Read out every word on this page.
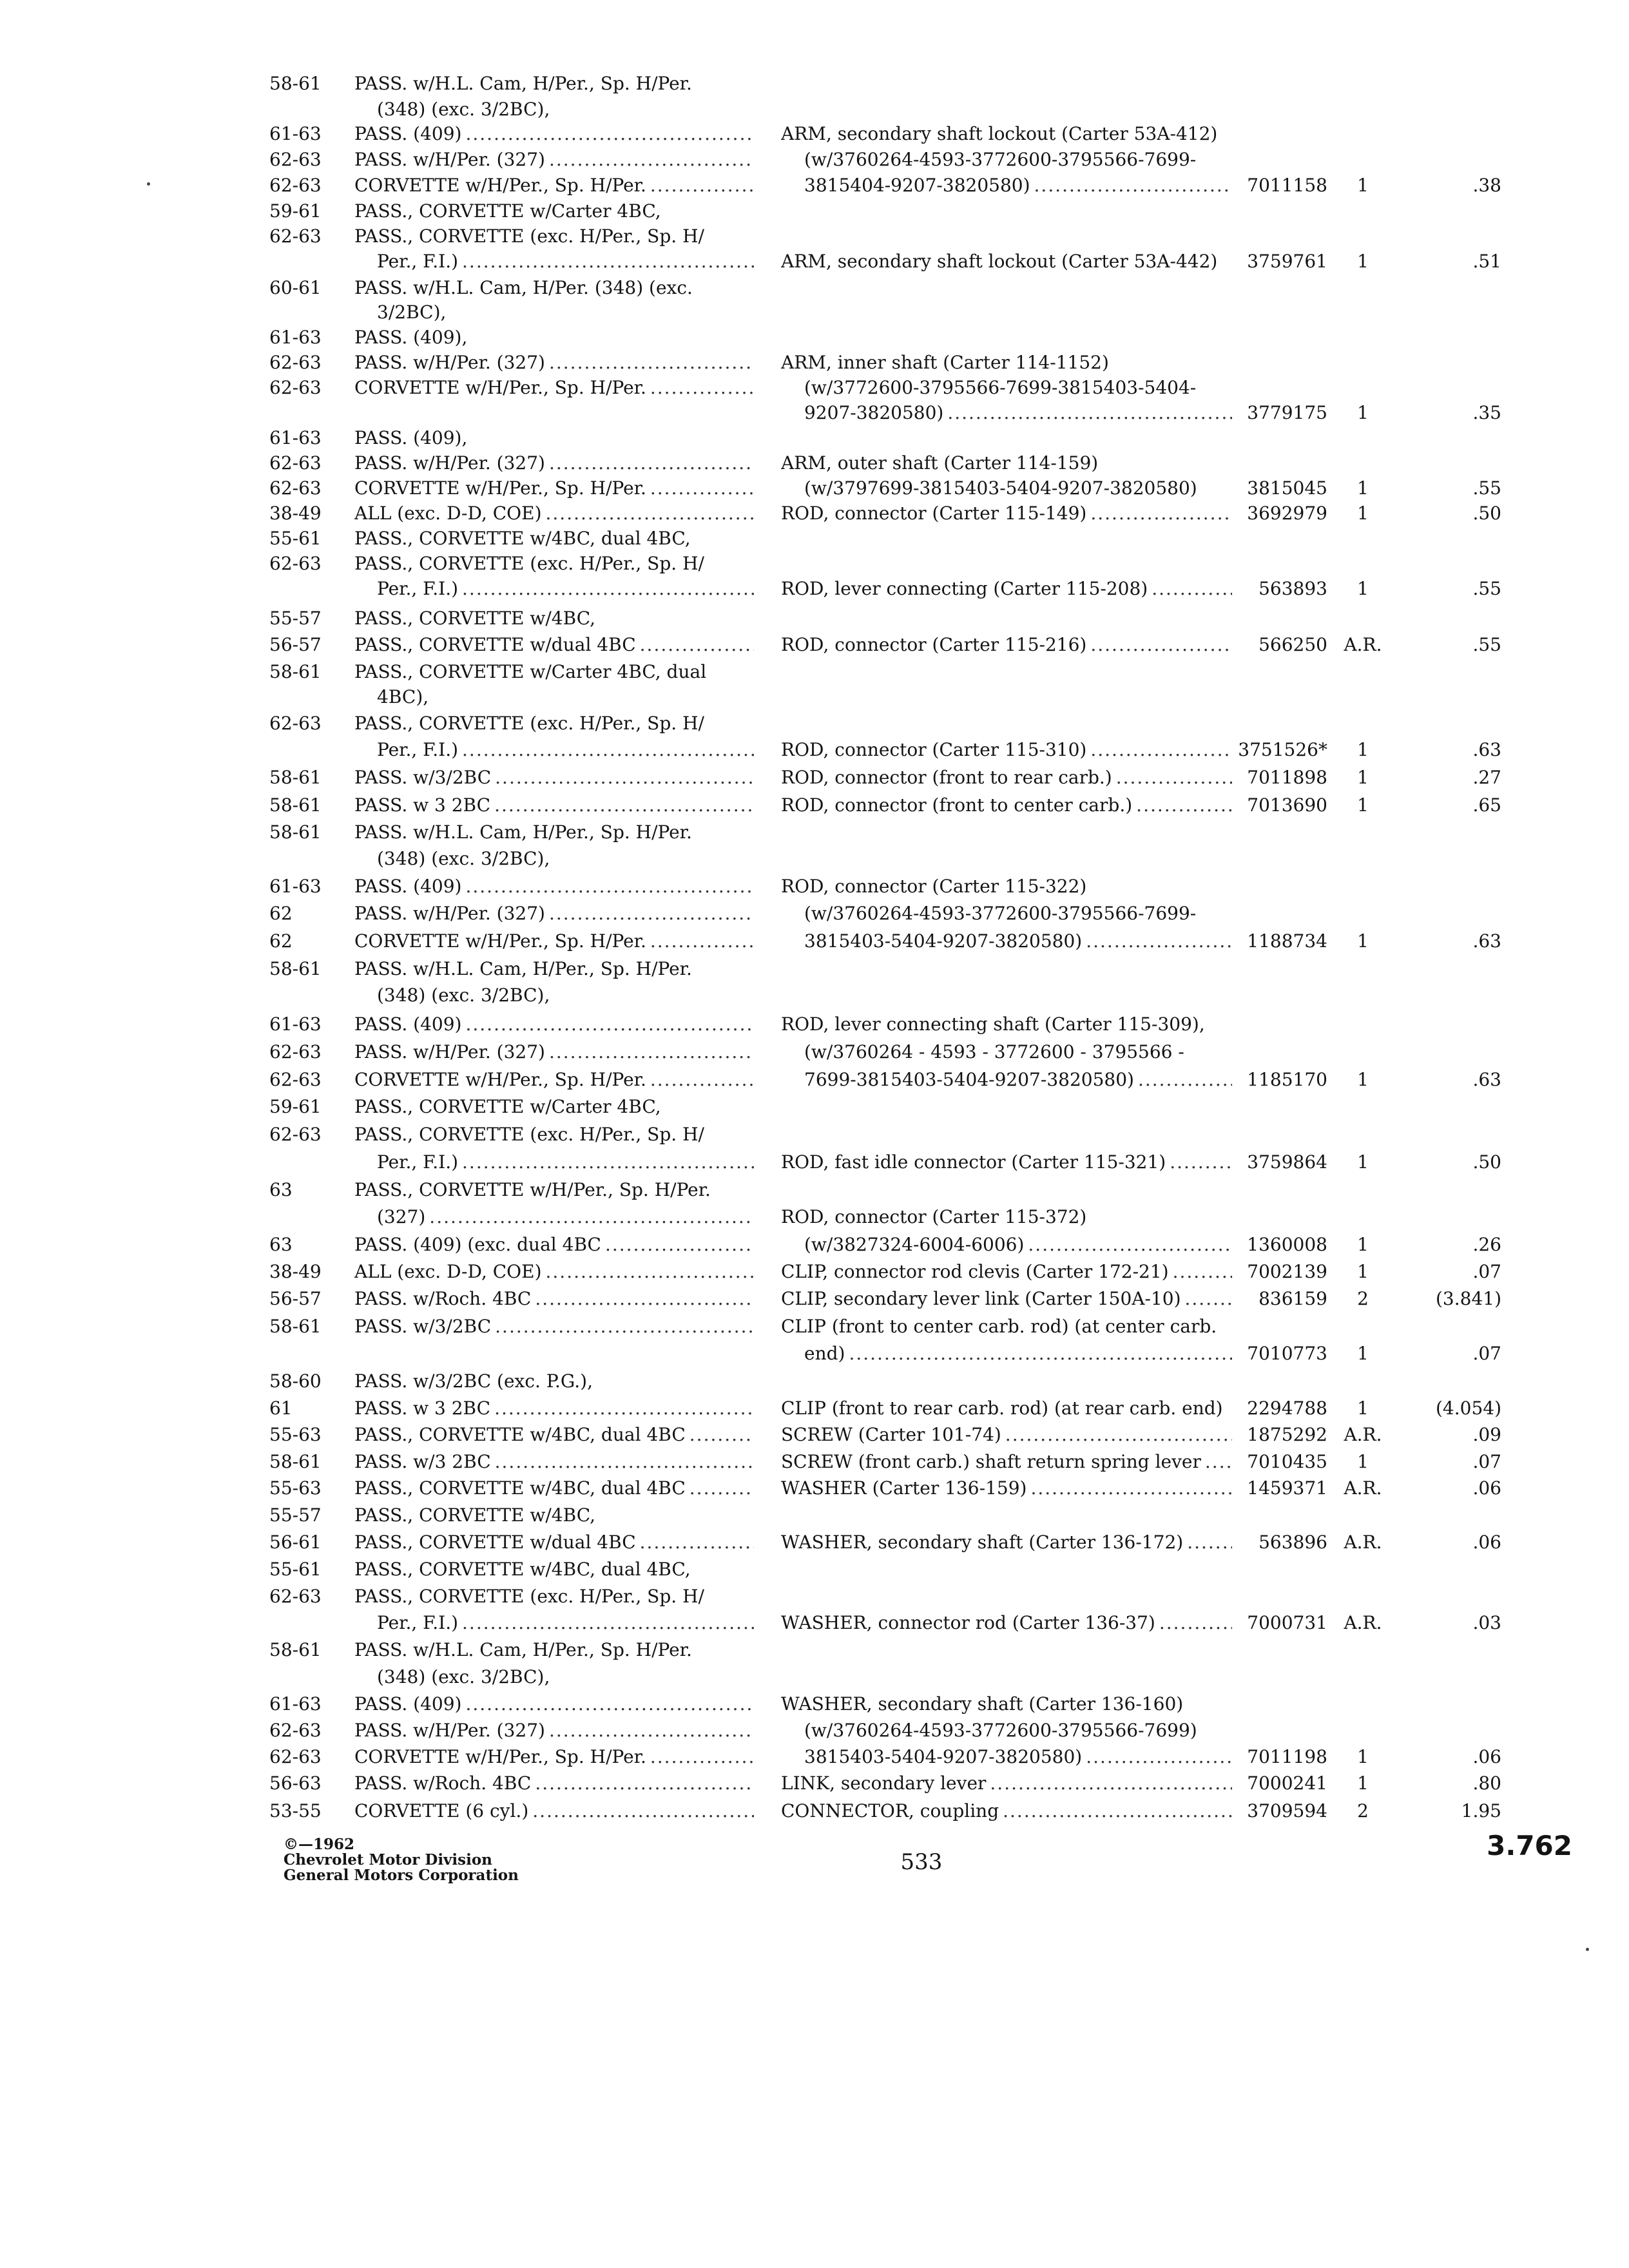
58-61	PASS. w/H.L. Cam, H/Per., Sp. H/Per.
(348) (exc. 3/2BC),
61-63	PASS. (409) .....	ARM, secondary shaft lockout (Carter 53A-412)
62-63	PASS. w/H/Per. (327) .....	(w/3760264-4593-3772600-3795566-7699-
62-63	CORVETTE w/H/Per., Sp. H/Per. .....	3815404-9207-3820580) .....	7011158	1	.38
59-61	PASS., CORVETTE w/Carter 4BC,
62-63	PASS., CORVETTE (exc. H/Per., Sp. H/
Per., F.I.) .....	ARM, secondary shaft lockout (Carter 53A-442)	3759761	1	.51
60-61	PASS. w/H.L. Cam, H/Per. (348) (exc.
3/2BC),
61-63	PASS. (409),
62-63	PASS. w/H/Per. (327) .....	ARM, inner shaft (Carter 114-1152)
62-63	CORVETTE w/H/Per., Sp. H/Per. .....	(w/3772600-3795566-7699-3815403-5404-
9207-3820580) .....	3779175	1	.35
61-63	PASS. (409),
62-63	PASS. w/H/Per. (327) .....	ARM, outer shaft (Carter 114-159)
62-63	CORVETTE w/H/Per., Sp. H/Per. .....	(w/3797699-3815403-5404-9207-3820580)	3815045	1	.55
38-49	ALL (exc. D-D, COE) .....	ROD, connector (Carter 115-149) .....	3692979	1	.50
55-61	PASS., CORVETTE w/4BC, dual 4BC,
62-63	PASS., CORVETTE (exc. H/Per., Sp. H/
Per., F.I.) .....	ROD, lever connecting (Carter 115-208) .....	563893	1	.55
55-57	PASS., CORVETTE w/4BC,
56-57	PASS., CORVETTE w/dual 4BC .....	ROD, connector (Carter 115-216) .....	566250 A.R.	.55
58-61	PASS., CORVETTE w/Carter 4BC, dual
4BC),
62-63	PASS., CORVETTE (exc. H/Per., Sp. H/
Per., F.I.) .....	ROD, connector (Carter 115-310) .....	3751526*	1	.63
58-61	PASS. w/3/2BC .....	ROD, connector (front to rear carb.) .....	7011898	1	.27
58-61	PASS. w 3 2BC .....	ROD, connector (front to center carb.) .....	7013690	1	.65
58-61	PASS. w/H.L. Cam, H/Per., Sp. H/Per.
(348) (exc. 3/2BC),
61-63	PASS. (409) .....	ROD, connector (Carter 115-322)
62	PASS. w/H/Per. (327) .....	(w/3760264-4593-3772600-3795566-7699-
62	CORVETTE w/H/Per., Sp. H/Per. .....	3815403-5404-9207-3820580) .....	1188734	1	.63
58-61	PASS. w/H.L. Cam, H/Per., Sp. H/Per.
(348) (exc. 3/2BC),
61-63	PASS. (409) .....	ROD, lever connecting shaft (Carter 115-309),
62-63	PASS. w/H/Per. (327) .....	(w/3760264 - 4593 - 3772600 - 3795566 -
62-63	CORVETTE w/H/Per., Sp. H/Per. .....	7699-3815403-5404-9207-3820580) .....	1185170	1	.63
59-61	PASS., CORVETTE w/Carter 4BC,
62-63	PASS., CORVETTE (exc. H/Per., Sp. H/
Per., F.I.) .....	ROD, fast idle connector (Carter 115-321) .....	3759864	1	.50
63	PASS., CORVETTE w/H/Per., Sp. H/Per.
(327) .....	ROD, connector (Carter 115-372)
63	PASS. (409) (exc. dual 4BC .....	(w/3827324-6004-6006) .....	1360008	1	.26
38-49	ALL (exc. D-D, COE) .....	CLIP, connector rod clevis (Carter 172-21) .....	7002139	1	.07
56-57	PASS. w/Roch. 4BC .....	CLIP, secondary lever link (Carter 150A-10) .....	836159	2	(3.841)
58-61	PASS. w/3/2BC .....	CLIP (front to center carb. rod) (at center carb.
end) .....	7010773	1	.07
58-60	PASS. w/3/2BC (exc. P.G.),
61	PASS. w 3 2BC .....	CLIP (front to rear carb. rod) (at rear carb. end)	2294788	1	(4.054)
55-63	PASS., CORVETTE w/4BC, dual 4BC .....	SCREW (Carter 101-74) .....	1875292 A.R.	.09
58-61	PASS. w/3 2BC .....	SCREW (front carb.) shaft return spring lever .....	7010435	1	.07
55-63	PASS., CORVETTE w/4BC, dual 4BC .....	WASHER (Carter 136-159) .....	1459371 A.R.	.06
55-57	PASS., CORVETTE w/4BC,
56-61	PASS., CORVETTE w/dual 4BC .....	WASHER, secondary shaft (Carter 136-172) .....	563896 A.R.	.06
55-61	PASS., CORVETTE w/4BC, dual 4BC,
62-63	PASS., CORVETTE (exc. H/Per., Sp. H/
Per., F.I.) .....	WASHER, connector rod (Carter 136-37) .....	7000731 A.R.	.03
58-61	PASS. w/H.L. Cam, H/Per., Sp. H/Per.
(348) (exc. 3/2BC),
61-63	PASS. (409) .....	WASHER, secondary shaft (Carter 136-160)
62-63	PASS. w/H/Per. (327) .....	(w/3760264-4593-3772600-3795566-7699)
62-63	CORVETTE w/H/Per., Sp. H/Per. .....	3815403-5404-9207-3820580) .....	7011198	1	.06
56-63	PASS. w/Roch. 4BC .....	LINK, secondary lever .....	7000241	1	.80
53-55	CORVETTE (6 cyl.) .....	CONNECTOR, coupling .....	3709594	2	1.95
©—1962
Chevrolet Motor Division
General Motors Corporation
533
3.762
